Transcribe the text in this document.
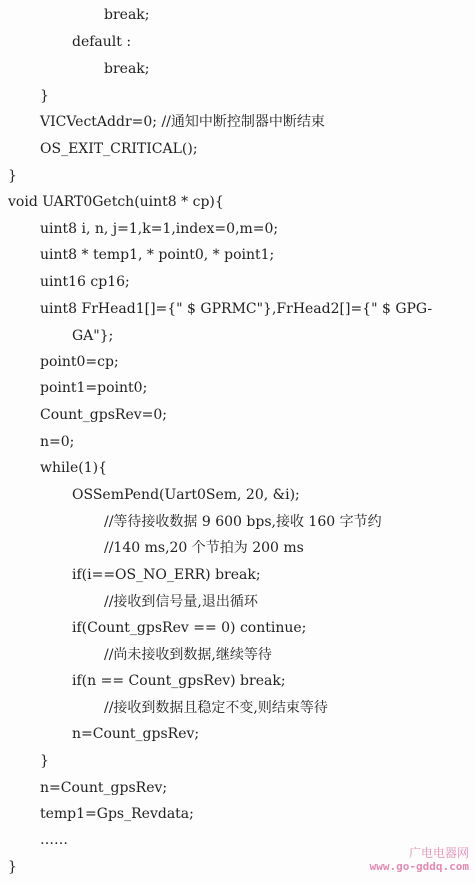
break;
default :
break;
}
VICVectAddr=0; //通知中断控制器中断结束
OS_EXIT_CRITICAL();
}
void UART0Getch(uint8 * cp){
uint8 i, n, j=1,k=1,index=0,m=0;
uint8 * temp1, * point0, * point1;
uint16 cp16;
uint8 FrHead1[]={" $ GPRMC"},FrHead2[]={" $ GPG-
GA"};
point0=cp;
point1=point0;
Count_gpsRev=0;
n=0;
while(1){
OSSemPend(Uart0Sem, 20, &i);
//等待接收数据 9 600 bps,接收 160 字节约
//140 ms,20 个节拍为 200 ms
if(i==OS_NO_ERR) break;
//接收到信号量,退出循环
if(Count_gpsRev == 0) continue;
//尚未接收到数据,继续等待
if(n == Count_gpsRev) break;
//接收到数据且稳定不变,则结束等待
n=Count_gpsRev;
}
n=Count_gpsRev;
temp1=Gps_Revdata;
……
}
广电电器网
www.go-gddq.com
